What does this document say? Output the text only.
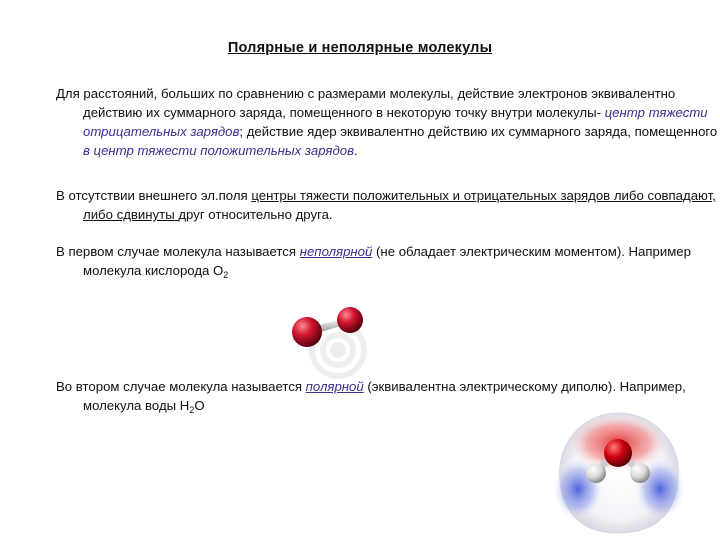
Полярные и неполярные молекулы
Для расстояний, больших по сравнению с размерами молекулы, действие электронов эквивалентно действию их суммарного заряда, помещенного в некоторую точку внутри молекулы- центр тяжести отрицательных зарядов; действие ядер эквивалентно действию их суммарного заряда, помещенного в центр тяжести положительных зарядов.
В отсутствии внешнего эл.поля центры тяжести положительных и отрицательных зарядов либо совпадают, либо сдвинуты друг относительно друга.
В первом случае молекула называется неполярной (не обладает электрическим моментом). Например молекула кислорода $О_2$
Во втором случае молекула называется полярной (эквивалентна электрическому диполю). Например, молекула воды $Н_2О$
